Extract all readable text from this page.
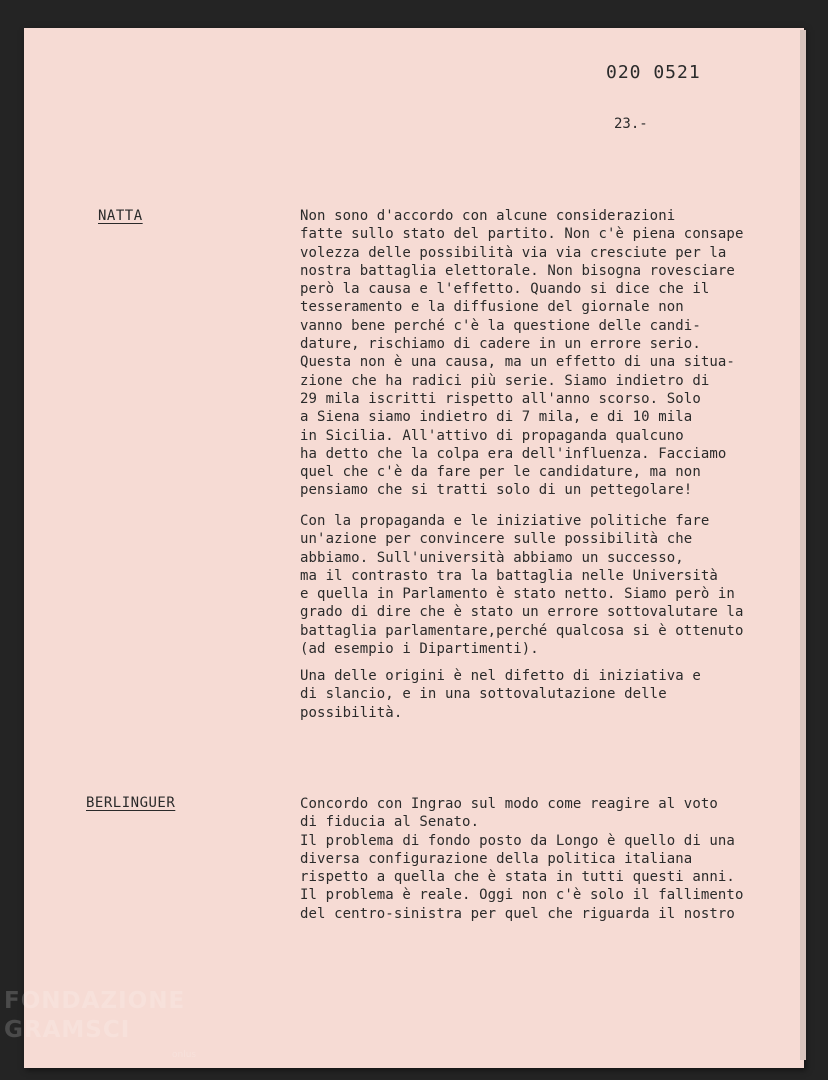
020 0521
23.-
NATTA	Non sono d'accordo con alcune considerazioni
fatte sullo stato del partito. Non c'è piena consape
volezza delle possibilità via via cresciute per la
nostra battaglia elettorale. Non bisogna rovesciare
però la causa e l'effetto. Quando si dice che il
tesseramento e la diffusione del giornale non
vanno bene perché c'è la questione delle candi-
dature, rischiamo di cadere in un errore serio.
Questa non è una causa, ma un effetto di una situa-
zione che ha radici più serie. Siamo indietro di
29 mila iscritti rispetto all'anno scorso. Solo
a Siena siamo indietro di 7 mila, e di 10 mila
in Sicilia. All'attivo di propaganda qualcuno
ha detto che la colpa era dell'influenza. Facciamo
quel che c'è da fare per le candidature, ma non
pensiamo che si tratti solo di un pettegolare!
Con la propaganda e le iniziative politiche fare
un'azione per convincere sulle possibilità che
abbiamo. Sull'università abbiamo un successo,
ma il contrasto tra la battaglia nelle Università
e quella in Parlamento è stato netto. Siamo però in
grado di dire che è stato un errore sottovalutare la
battaglia parlamentare,perché qualcosa si è ottenuto
(ad esempio i Dipartimenti).
Una delle origini è nel difetto di iniziativa e
di slancio, e in una sottovalutazione delle
possibilità.
BERLINGUER	Concordo con Ingrao sul modo come reagire al voto
di fiducia al Senato.
Il problema di fondo posto da Longo è quello di una
diversa configurazione della politica italiana
rispetto a quella che è stata in tutti questi anni.
Il problema è reale. Oggi non c'è solo il fallimento
del centro-sinistra per quel che riguarda il nostro
FONDAZIONE
GRAMSCI
onlus
